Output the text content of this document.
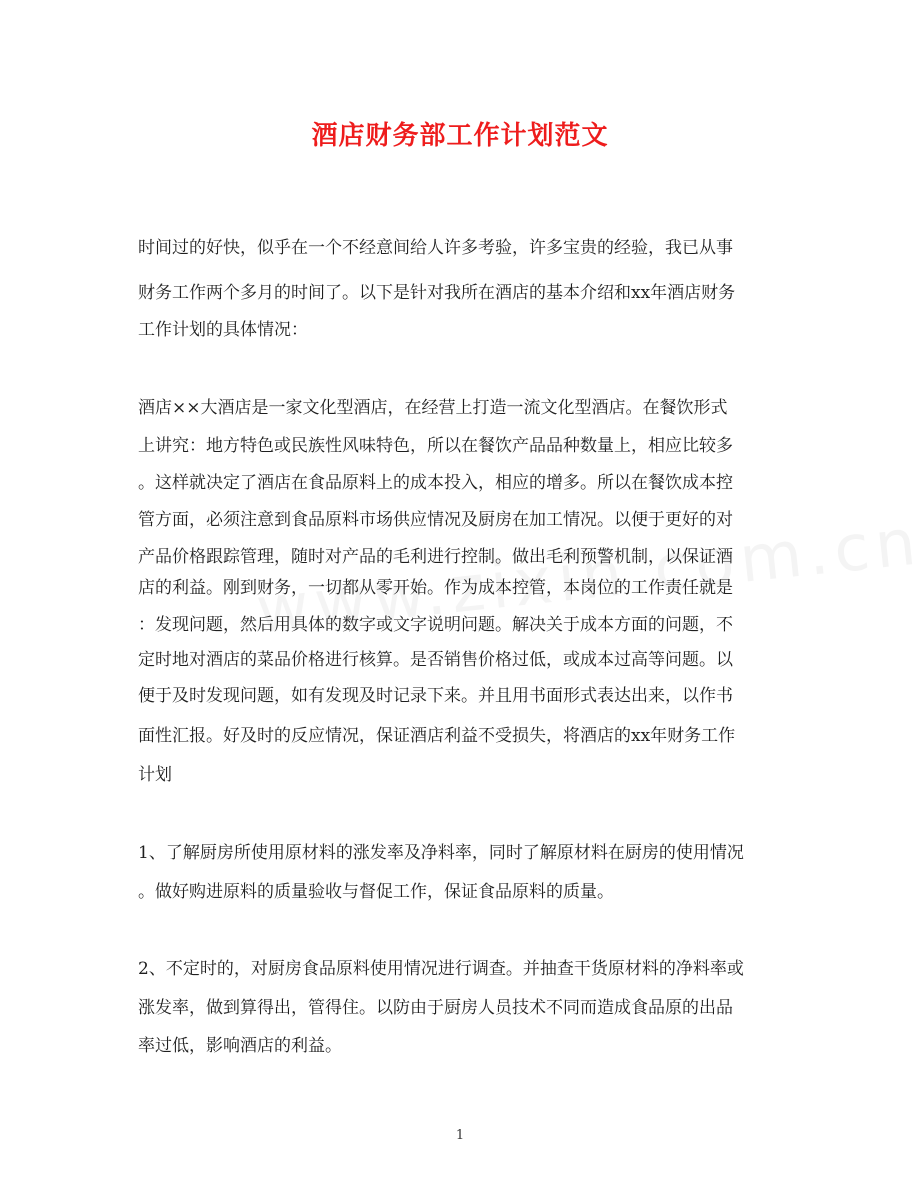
酒店财务部工作计划范文
时间过的好快，似乎在一个不经意间给人许多考验，许多宝贵的经验，我已从事
财务工作两个多月的时间了。以下是针对我所在酒店的基本介绍和xx年酒店财务
工作计划的具体情况：
酒店××大酒店是一家文化型酒店，在经营上打造一流文化型酒店。在餐饮形式
上讲究：地方特色或民族性风味特色，所以在餐饮产品品种数量上，相应比较多
。这样就决定了酒店在食品原料上的成本投入，相应的增多。所以在餐饮成本控
管方面，必须注意到食品原料市场供应情况及厨房在加工情况。以便于更好的对
产品价格跟踪管理，随时对产品的毛利进行控制。做出毛利预警机制，以保证酒
店的利益。刚到财务，一切都从零开始。作为成本控管，本岗位的工作责任就是
：发现问题，然后用具体的数字或文字说明问题。解决关于成本方面的问题，不
定时地对酒店的菜品价格进行核算。是否销售价格过低，或成本过高等问题。以
便于及时发现问题，如有发现及时记录下来。并且用书面形式表达出来，以作书
面性汇报。好及时的反应情况，保证酒店利益不受损失，将酒店的xx年财务工作
计划
1、了解厨房所使用原材料的涨发率及净料率，同时了解原材料在厨房的使用情况
。做好购进原料的质量验收与督促工作，保证食品原料的质量。
2、不定时的，对厨房食品原料使用情况进行调查。并抽查干货原材料的净料率或
涨发率，做到算得出，管得住。以防由于厨房人员技术不同而造成食品原的出品
率过低，影响酒店的利益。
1
